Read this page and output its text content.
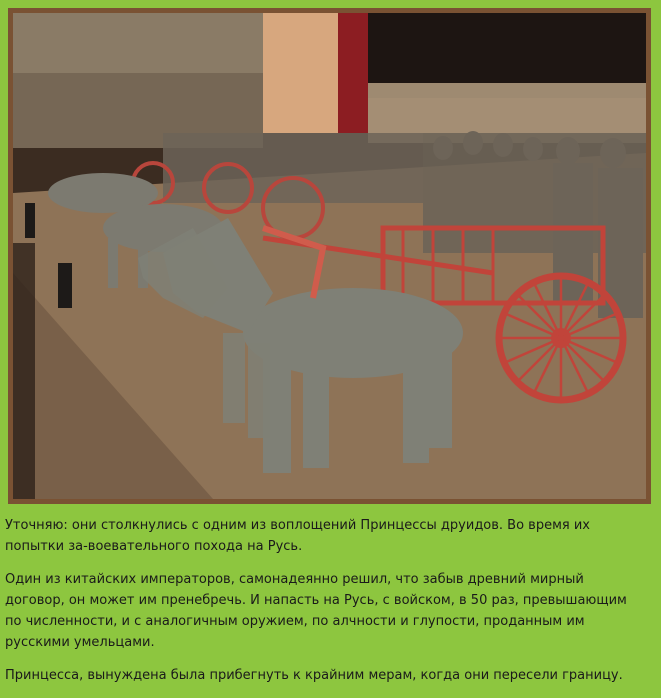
Уточняю: они столкнулись с одним из воплощений Принцессы друидов. Во время их попытки за-воевательного похода на Русь.

Один из китайских императоров, самонадеянно решил, что забыв древний мирный договор, он может им пренебречь. И напасть на Русь, с войском, в 50 раз, превышающим по численности, и с аналогичным оружием, по алчности и глупости, проданным им русскими умельцами.

Принцесса, вынуждена была прибегнуть к крайним мерам, когда они пересели границу.
